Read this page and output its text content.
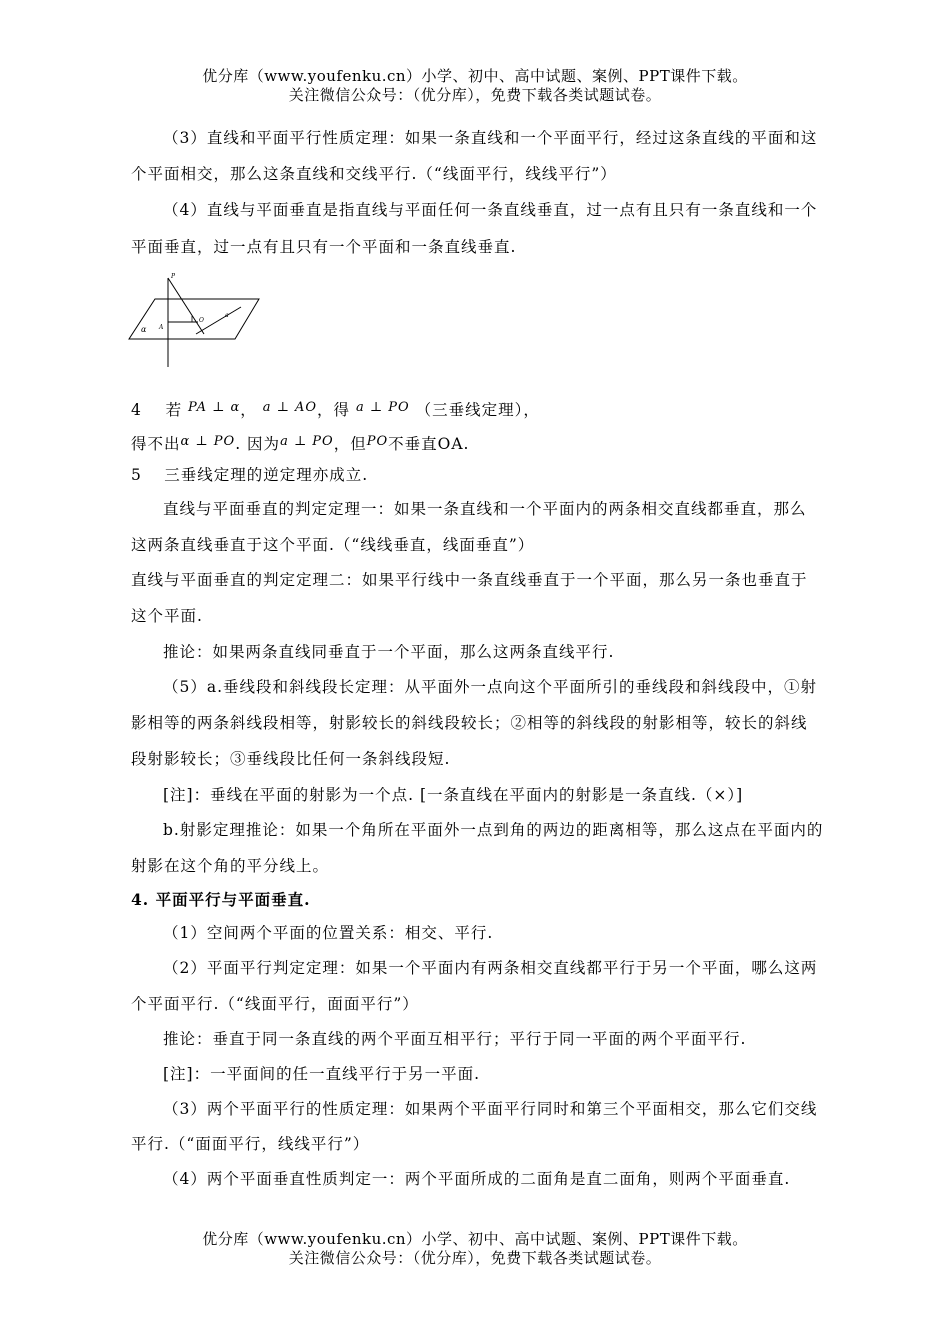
优分库（www.youfenku.cn）小学、初中、高中试题、案例、PPT课件下载。
关注微信公众号：（优分库），免费下载各类试题试卷。
（3）直线和平面平行性质定理：如果一条直线和一个平面平行，经过这条直线的平面和这
个平面相交，那么这条直线和交线平行.（“线面平行，线线平行”）
（4）直线与平面垂直是指直线与平面任何一条直线垂直，过一点有且只有一条直线和一个
平面垂直，过一点有且只有一个平面和一条直线垂直.
P
O
A
α
a
4 若 $^{PA \perp \alpha}$， $^{a \perp AO}$，得 $^{a \perp PO}$ （三垂线定理），
得不出$^{\alpha \perp PO}$. 因为$^{a \perp PO}$，但$^{PO}$不垂直OA.
5　 三垂线定理的逆定理亦成立.
直线与平面垂直的判定定理一：如果一条直线和一个平面内的两条相交直线都垂直，那么
这两条直线垂直于这个平面.（“线线垂直，线面垂直”）
直线与平面垂直的判定定理二：如果平行线中一条直线垂直于一个平面，那么另一条也垂直于
这个平面.
推论：如果两条直线同垂直于一个平面，那么这两条直线平行.
（5）a.垂线段和斜线段长定理：从平面外一点向这个平面所引的垂线段和斜线段中，①射
影相等的两条斜线段相等，射影较长的斜线段较长；②相等的斜线段的射影相等，较长的斜线
段射影较长；③垂线段比任何一条斜线段短.
[注]：垂线在平面的射影为一个点. [一条直线在平面内的射影是一条直线.（×）]
b.射影定理推论：如果一个角所在平面外一点到角的两边的距离相等，那么这点在平面内的
射影在这个角的平分线上。
4. 平面平行与平面垂直.
（1）空间两个平面的位置关系：相交、平行.
（2）平面平行判定定理：如果一个平面内有两条相交直线都平行于另一个平面，哪么这两
个平面平行.（“线面平行，面面平行”）
推论：垂直于同一条直线的两个平面互相平行；平行于同一平面的两个平面平行.
[注]：一平面间的任一直线平行于另一平面.
（3）两个平面平行的性质定理：如果两个平面平行同时和第三个平面相交，那么它们交线
平行.（“面面平行，线线平行”）
（4）两个平面垂直性质判定一：两个平面所成的二面角是直二面角，则两个平面垂直.
优分库（www.youfenku.cn）小学、初中、高中试题、案例、PPT课件下载。
关注微信公众号：（优分库），免费下载各类试题试卷。
